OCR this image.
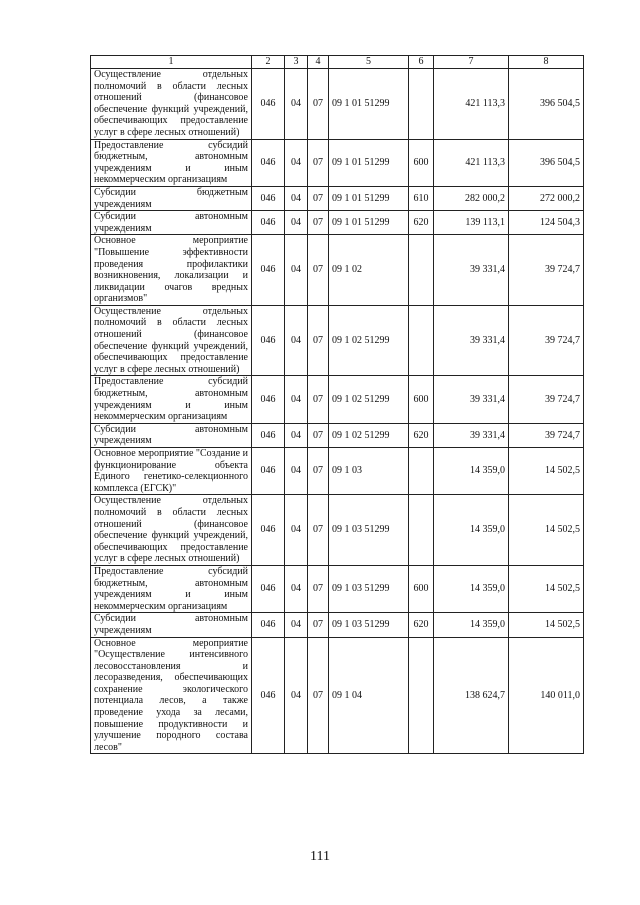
1	2	3	4	5	6	7	8
Осуществление отдельных полномочий в области лесных отношений (финансовое обеспечение функций учреждений, обеспечивающих предоставление услуг в сфере лесных отношений)	046	04	07	09 1 01 51299		421 113,3	396 504,5
Предоставление субсидий бюджетным, автономным учреждениям и иным некоммерческим организациям	046	04	07	09 1 01 51299	600	421 113,3	396 504,5
Субсидии бюджетным учреждениям	046	04	07	09 1 01 51299	610	282 000,2	272 000,2
Субсидии автономным учреждениям	046	04	07	09 1 01 51299	620	139 113,1	124 504,3
Основное мероприятие "Повышение эффективности проведения профилактики возникновения, локализации и ликвидации очагов вредных организмов"	046	04	07	09 1 02		39 331,4	39 724,7
Осуществление отдельных полномочий в области лесных отношений (финансовое обеспечение функций учреждений, обеспечивающих предоставление услуг в сфере лесных отношений)	046	04	07	09 1 02 51299		39 331,4	39 724,7
Предоставление субсидий бюджетным, автономным учреждениям и иным некоммерческим организациям	046	04	07	09 1 02 51299	600	39 331,4	39 724,7
Субсидии автономным учреждениям	046	04	07	09 1 02 51299	620	39 331,4	39 724,7
Основное мероприятие "Создание и функционирование объекта Единого генетико-селекционного комплекса (ЕГСК)"	046	04	07	09 1 03		14 359,0	14 502,5
Осуществление отдельных полномочий в области лесных отношений (финансовое обеспечение функций учреждений, обеспечивающих предоставление услуг в сфере лесных отношений)	046	04	07	09 1 03 51299		14 359,0	14 502,5
Предоставление субсидий бюджетным, автономным учреждениям и иным некоммерческим организациям	046	04	07	09 1 03 51299	600	14 359,0	14 502,5
Субсидии автономным учреждениям	046	04	07	09 1 03 51299	620	14 359,0	14 502,5
Основное мероприятие "Осуществление интенсивного лесовосстановления и лесоразведения, обеспечивающих сохранение экологического потенциала лесов, а также проведение ухода за лесами, повышение продуктивности и улучшение породного состава лесов"	046	04	07	09 1 04		138 624,7	140 011,0
111
